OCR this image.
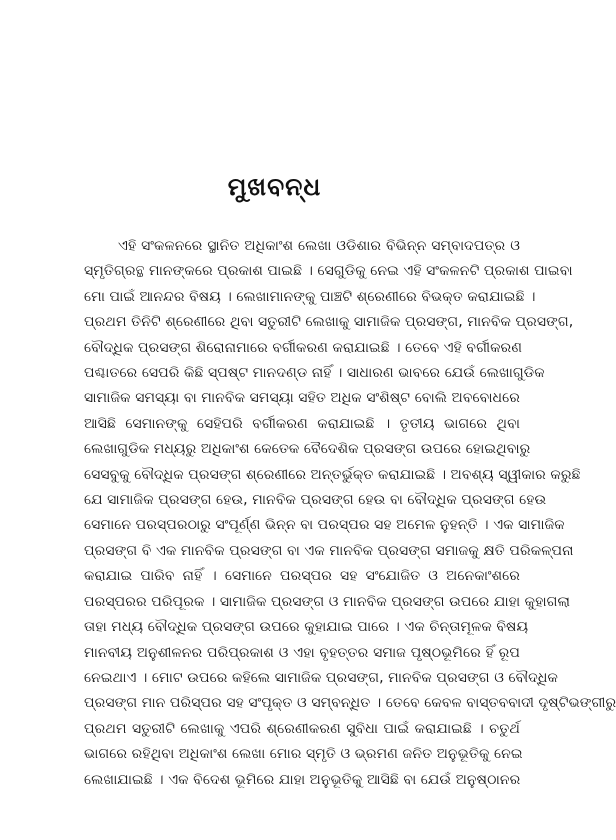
ମୁଖବନ୍ଧ
ଏହି ସଂକଳନରେ ସ୍ଥାନିତ ଅଧିକାଂଶ ଲେଖା ଓଡିଶାର ବିଭିନ୍ନ ସମ୍ବାଦପତ୍ର ଓ
ସ୍ମୃତିଗ୍ରନ୍ଥ ମାନଙ୍କରେ ପ୍ରକାଶ ପାଇଛି । ସେଗୁଡିକୁ ନେଇ ଏହି ସଂକଳନଟି ପ୍ରକାଶ ପାଇବା
ମୋ ପାଇଁ ଆନନ୍ଦର ବିଷୟ । ଲେଖାମାନଙ୍କୁ ପାଞ୍ଚଟି ଶ୍ରେଣୀରେ ବିଭକ୍ତ କରାଯାଇଛି ।
ପ୍ରଥମ ତିନିଟି ଶ୍ରେଣୀରେ ଥିବା ସତୁରୀଟି ଲେଖାକୁ ସାମାଜିକ ପ୍ରସଙ୍ଗ, ମାନବିକ ପ୍ରସଙ୍ଗ,
ବୌଦ୍ଧିକ ପ୍ରସଙ୍ଗ ଶିରୋନାମାରେ ବର୍ଗୀକରଣ କରାଯାଇଛି । ତେବେ ଏହି ବର୍ଗୀକରଣ
ପଶ୍ଚାତରେ ସେପରି କିଛି ସ୍ପଷ୍ଟ ମାନଦଣ୍ଡ ନାହିଁ । ସାଧାରଣ ଭାବରେ ଯେଉଁ ଲେଖାଗୁଡିକ
ସାମାଜିକ ସମସ୍ୟା ବା ମାନବିକ ସମସ୍ୟା ସହିତ ଅଧିକ ସଂଶିଷ୍ଟ ବୋଲି ଅବବୋଧରେ
ଆସିଛି ସେମାନଙ୍କୁ ସେହିପରି ବର୍ଗୀକରଣ କରାଯାଇଛି । ତୃତୀୟ ଭାଗରେ ଥିବା
ଲେଖାଗୁଡିକ ମଧ୍ୟରୁ ଅଧିକାଂଶ କେତେକ ବୈଦେଶିକ ପ୍ରସଙ୍ଗ ଉପରେ ହୋଇଥିବାରୁ
ସେସବୁକୁ ବୌଦ୍ଧିକ ପ୍ରସଙ୍ଗ ଶ୍ରେଣୀରେ ଅନ୍ତର୍ଭୁକ୍ତ କରାଯାଇଛି । ଅବଶ୍ୟ ସ୍ୱୀକାର କରୁଛି
ଯେ ସାମାଜିକ ପ୍ରସଙ୍ଗ ହେଉ, ମାନବିକ ପ୍ରସଙ୍ଗ ହେଉ ବା ବୌଦ୍ଧିକ ପ୍ରସଙ୍ଗ ହେଉ
ସେମାନେ ପରସ୍ପରଠାରୁ ସଂପୂର୍ଣ୍ଣ ଭିନ୍ନ ବା ପରସ୍ପର ସହ ଅମେଳ ନୁହନ୍ତି । ଏକ ସାମାଜିକ
ପ୍ରସଙ୍ଗ ବି ଏକ ମାନବିକ ପ୍ରସଙ୍ଗ ବା ଏକ ମାନବିକ ପ୍ରସଙ୍ଗ ସମାଜକୁ କ୍ଷତି ପରିକଳ୍ପନା
କରାଯାଇ ପାରିବ ନାହିଁ । ସେମାନେ ପରସ୍ପର ସହ ସଂଯୋଜିତ ଓ ଅନେକାଂଶରେ
ପରସ୍ପରର ପରିପୂରକ । ସାମାଜିକ ପ୍ରସଙ୍ଗ ଓ ମାନବିକ ପ୍ରସଙ୍ଗ ଉପରେ ଯାହା କୁହାଗଲା
ତାହା ମଧ୍ୟ ବୌଦ୍ଧିକ ପ୍ରସଙ୍ଗ ଉପରେ କୁହାଯାଇ ପାରେ । ଏକ ଚିନ୍ତାମୂଳକ ବିଷୟ
ମାନବୀୟ ଅନୁଶୀଳନର ପରିପ୍ରକାଶ ଓ ଏହା ବୃହତ୍ତର ସମାଜ ପୃଷ୍ଠଭୂମିରେ ହିଁ ରୂପ
ନେଇଥାଏ । ମୋଟ ଉପରେ କହିଲେ ସାମାଜିକ ପ୍ରସଙ୍ଗ, ମାନବିକ ପ୍ରସଙ୍ଗ ଓ ବୌଦ୍ଧିକ
ପ୍ରସଙ୍ଗ ମାନ ପରିସ୍ପର ସହ ସଂପୃକ୍ତ ଓ ସମ୍ବନ୍ଧିତ । ତେବେ କେବଳ ବାସ୍ତବବାଦୀ ଦୃଷ୍ଟିଭଙ୍ଗୀରୁ
ପ୍ରଥମ ସତୁରୀଟି ଲେଖାକୁ ଏପରି ଶ୍ରେଣୀକରଣ ସୁବିଧା ପାଇଁ କରାଯାଇଛି । ଚତୁର୍ଥ
ଭାଗରେ ରହିଥିବା ଅଧିକାଂଶ ଲେଖା ମୋର ସ୍ମୃତି ଓ ଭ୍ରମଣ ଜନିତ ଅନୁଭୂତିକୁ ନେଇ
ଲେଖାଯାଇଛି । ଏକ ବିଦେଶ ଭୂମିରେ ଯାହା ଅନୁଭୂତିକୁ ଆସିଛି ବା ଯେଉଁ ଅନୁଷ୍ଠାନର
